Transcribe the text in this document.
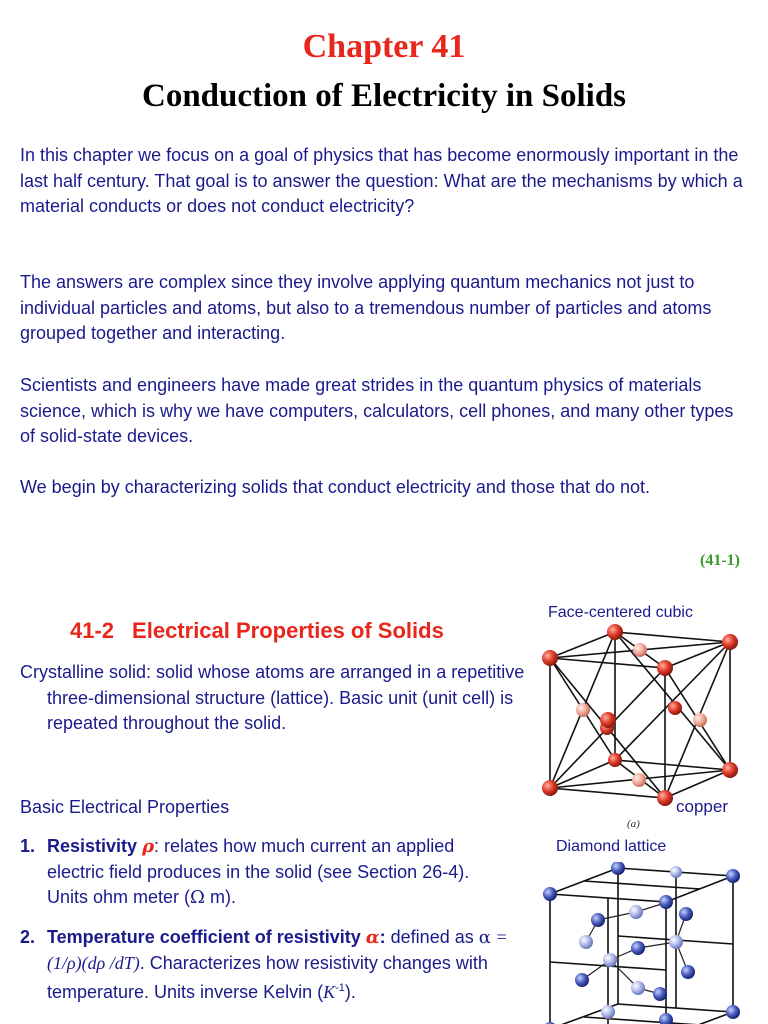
Chapter 41
Conduction of Electricity in Solids

In this chapter we focus on a goal of physics that has become enormously important in the last half century. That goal is to answer the question: What are the mechanisms by which a material conducts or does not conduct electricity?

The answers are complex since they involve applying quantum mechanics not just to individual particles and atoms, but also to a tremendous number of particles and atoms grouped together and interacting.

Scientists and engineers have made great strides in the quantum physics of materials science, which is why we have computers, calculators, cell phones, and many other types of solid-state devices.

We begin by characterizing solids that conduct electricity and those that do not.

(41-1)
41-2 Electrical Properties of Solids

Crystalline solid: solid whose atoms are arranged in a repetitive three-dimensional structure (lattice). Basic unit (unit cell) is repeated throughout the solid.

Basic Electrical Properties

1. Resistivity ρ: relates how much current an applied electric field produces in the solid (see Section 26-4). Units ohm meter (Ω m).
2. Temperature coefficient of resistivity α: defined as α = (1/ρ)(dρ /dT). Characterizes how resistivity changes with temperature. Units inverse Kelvin $(K^{-1})$.

Face-centered cubic

copper

(a)

Diamond lattice
